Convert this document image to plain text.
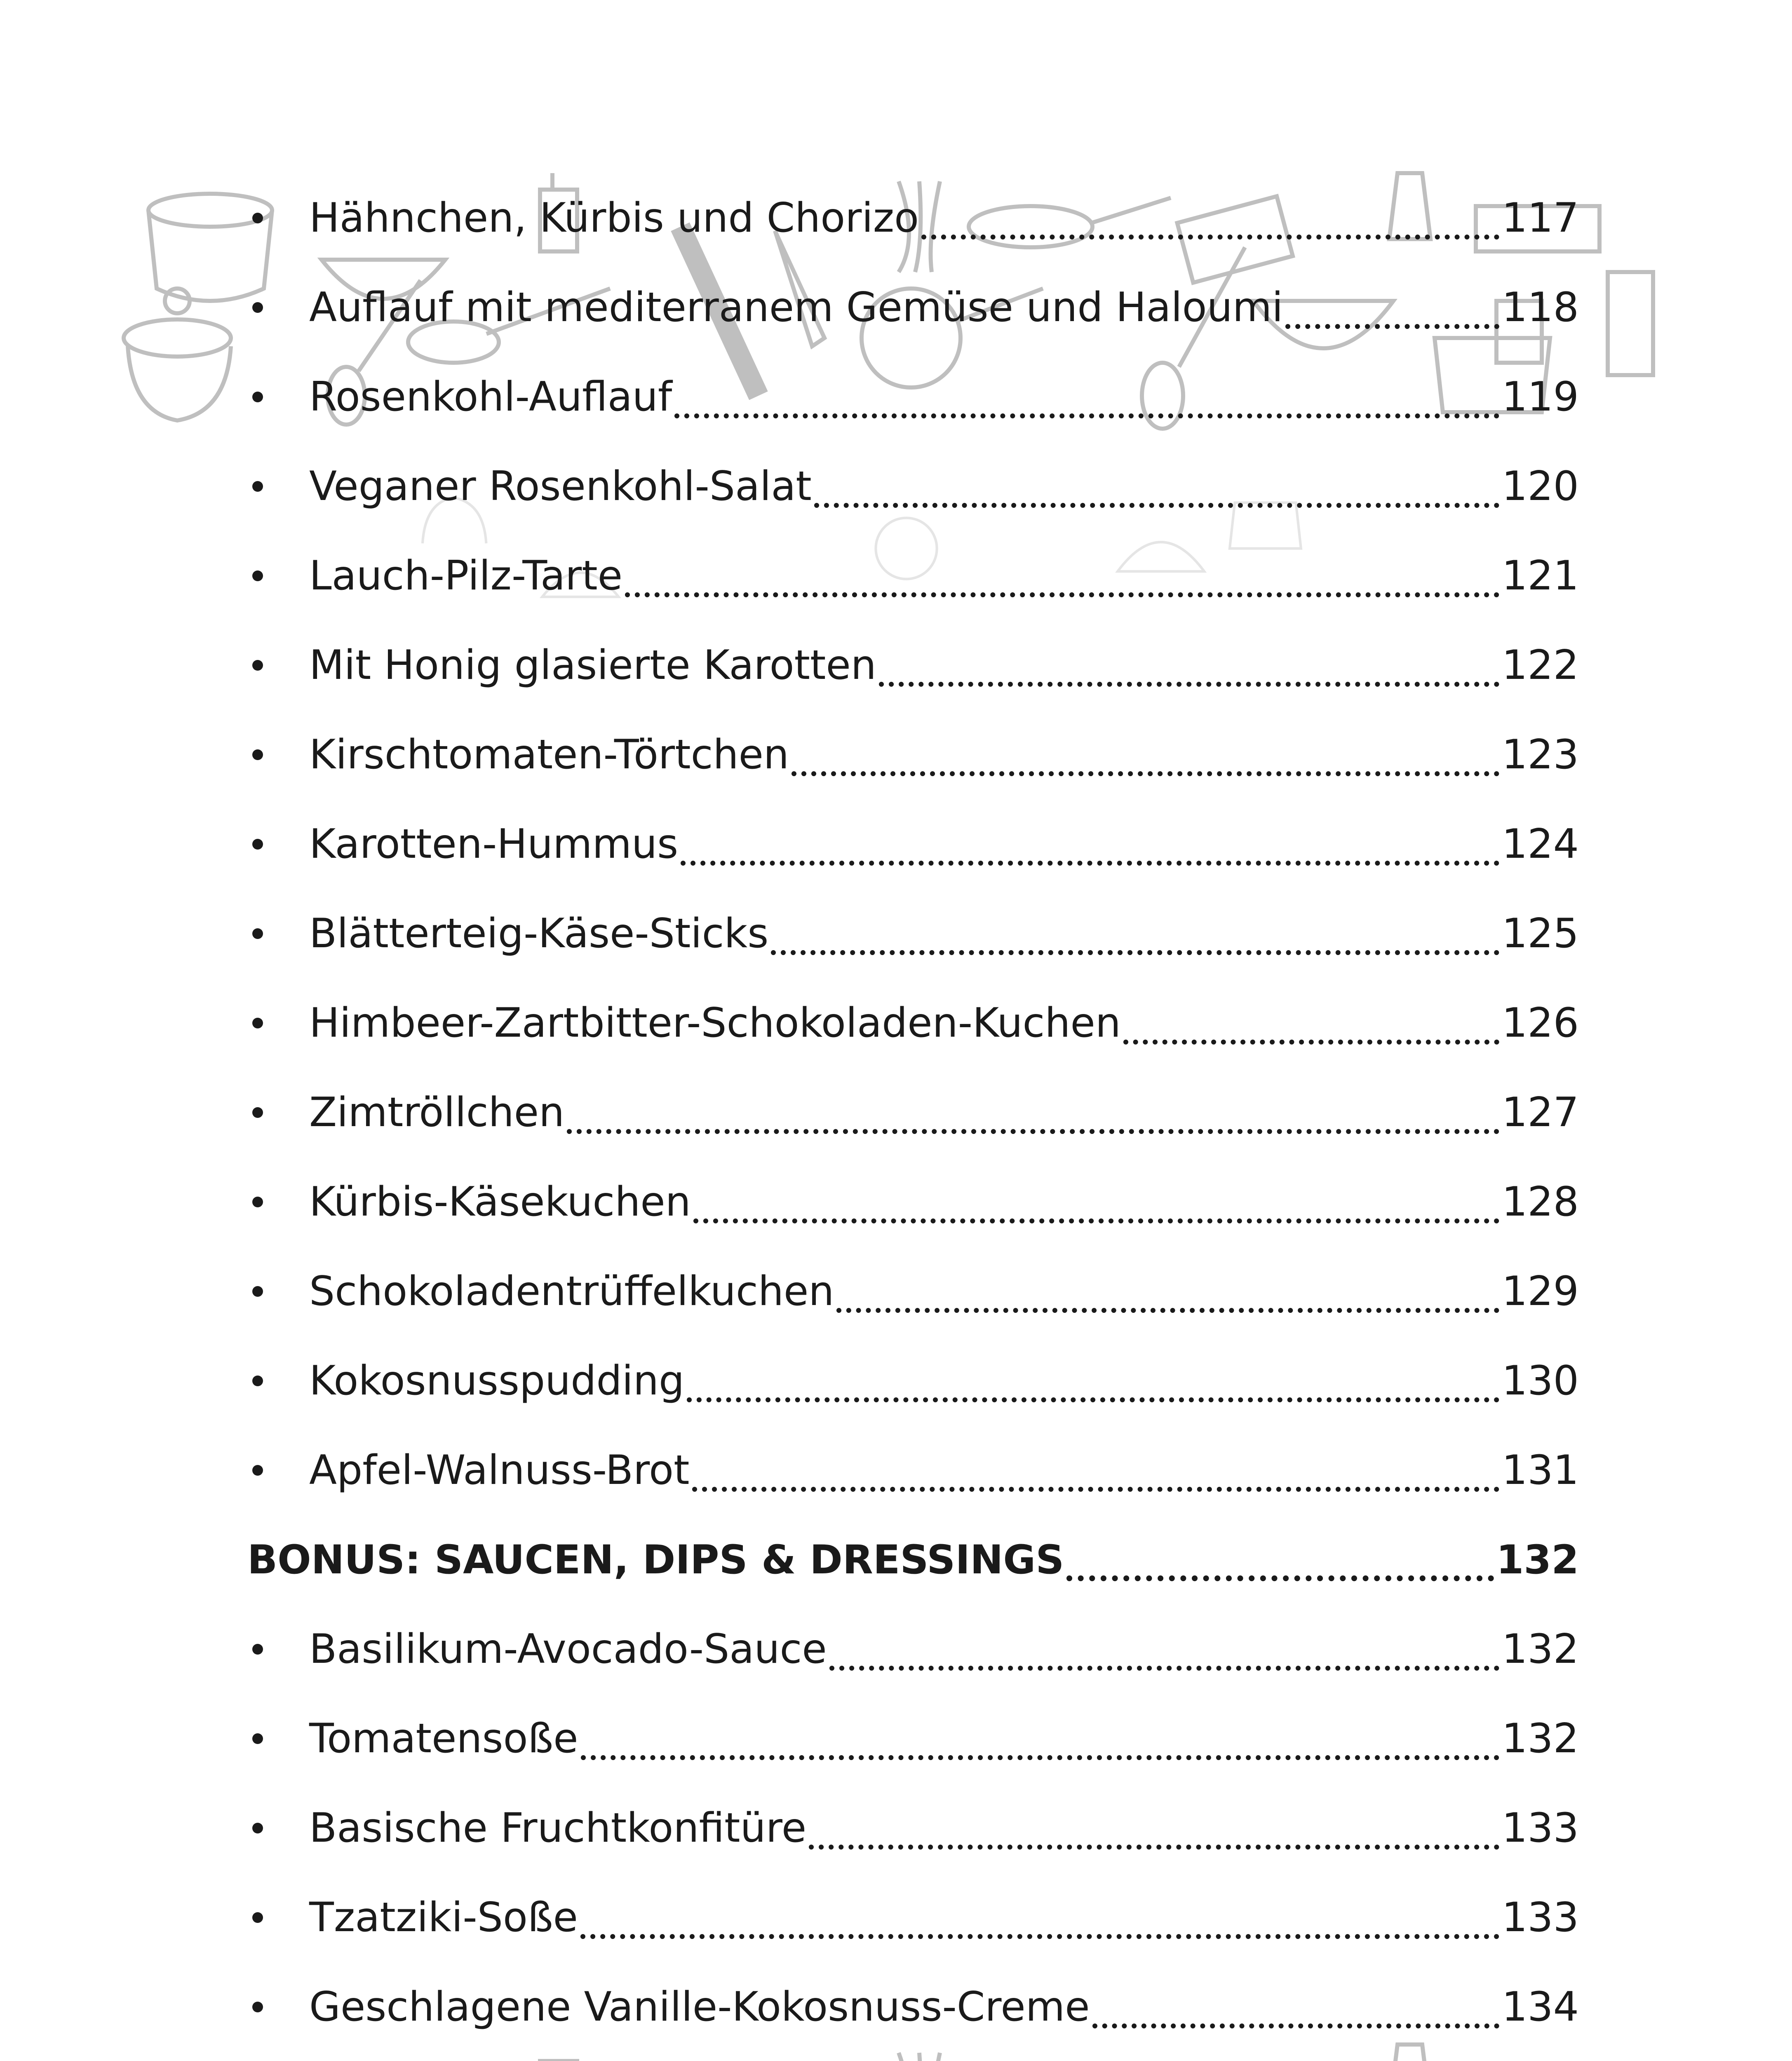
Hähnchen, Kürbis und Chorizo	117
Auflauf mit mediterranem Gemüse und Haloumi	118
Rosenkohl-Auflauf	119
Veganer Rosenkohl-Salat	120
Lauch-Pilz-Tarte	121
Mit Honig glasierte Karotten	122
Kirschtomaten-Törtchen	123
Karotten-Hummus	124
Blätterteig-Käse-Sticks	125
Himbeer-Zartbitter-Schokoladen-Kuchen	126
Zimtröllchen	127
Kürbis-Käsekuchen	128
Schokoladentrüffelkuchen	129
Kokosnusspudding	130
Apfel-Walnuss-Brot	131
BONUS: SAUCEN, DIPS & DRESSINGS	132
Basilikum-Avocado-Sauce	132
Tomatensoße	132
Basische Fruchtkonfitüre	133
Tzatziki-Soße	133
Geschlagene Vanille-Kokosnuss-Creme	134
